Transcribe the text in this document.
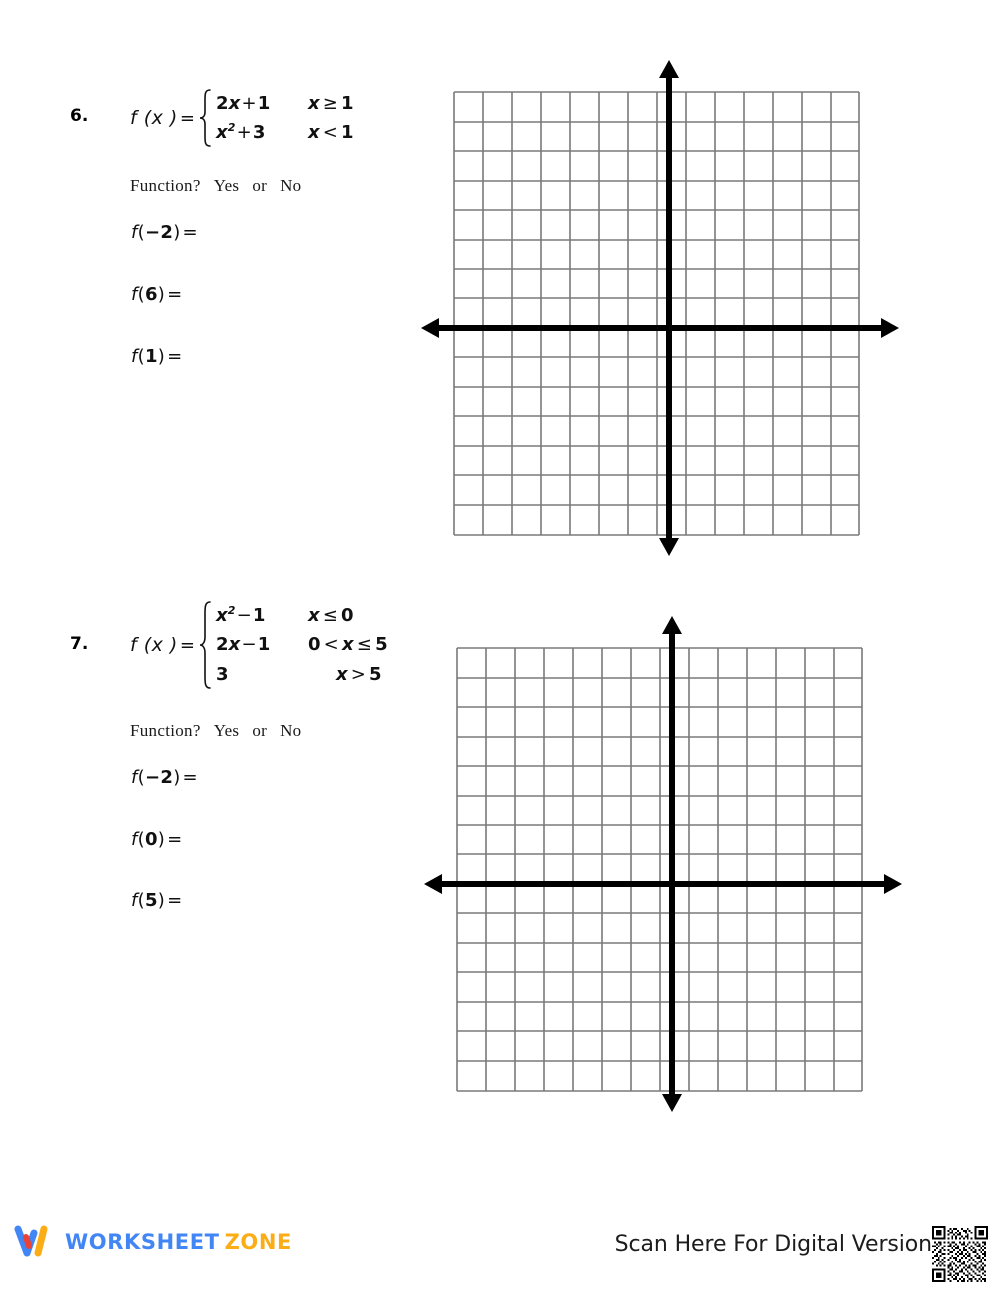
6. f (x ) =
2x+1	x ≥ 1
$x^2+3$	x < 1
Function? Yes or No
f(−2) =
f(6) =
f(1) =
7. f (x ) =
$x^2-1$	x ≤ 0
2x−1	0 < x ≤ 5
3	x > 5
Function? Yes or No
f(−2) =
f(0) =
f(5) =
WORKSHEET ZONE	Scan Here For Digital Version
